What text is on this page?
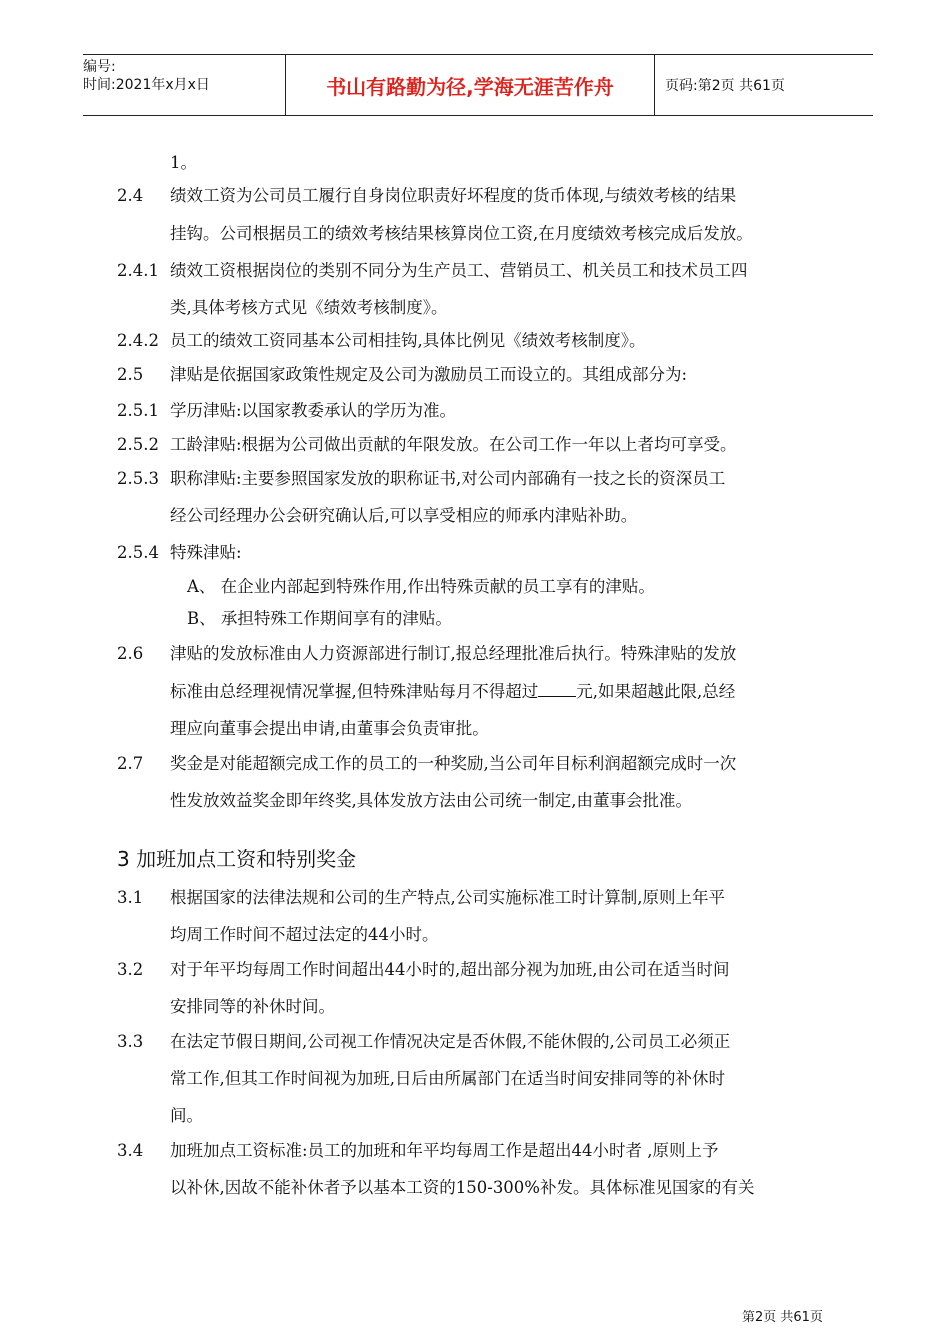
编号:
时间:2021年x月x日	书山有路勤为径,学海无涯苦作舟	页码:第2页 共61页
1。
2.4 绩效工资为公司员工履行自身岗位职责好坏程度的货币体现,与绩效考核的结果
挂钩。公司根据员工的绩效考核结果核算岗位工资,在月度绩效考核完成后发放。
2.4.1 绩效工资根据岗位的类别不同分为生产员工、营销员工、机关员工和技术员工四
类,具体考核方式见《绩效考核制度》。
2.4.2 员工的绩效工资同基本公司相挂钩,具体比例见《绩效考核制度》。
2.5 津贴是依据国家政策性规定及公司为激励员工而设立的。其组成部分为:
2.5.1 学历津贴:以国家教委承认的学历为准。
2.5.2 工龄津贴:根据为公司做出贡献的年限发放。在公司工作一年以上者均可享受。
2.5.3 职称津贴:主要参照国家发放的职称证书,对公司内部确有一技之长的资深员工
经公司经理办公会研究确认后,可以享受相应的师承内津贴补助。
2.5.4 特殊津贴:
A、 在企业内部起到特殊作用,作出特殊贡献的员工享有的津贴。
B、 承担特殊工作期间享有的津贴。
2.6 津贴的发放标准由人力资源部进行制订,报总经理批准后执行。特殊津贴的发放
标准由总经理视情况掌握,但特殊津贴每月不得超过 元,如果超越此限,总经
理应向董事会提出申请,由董事会负责审批。
2.7 奖金是对能超额完成工作的员工的一种奖励,当公司年目标利润超额完成时一次
性发放效益奖金即年终奖,具体发放方法由公司统一制定,由董事会批准。
3 加班加点工资和特别奖金
3.1 根据国家的法律法规和公司的生产特点,公司实施标准工时计算制,原则上年平
均周工作时间不超过法定的44小时。
3.2 对于年平均每周工作时间超出44小时的,超出部分视为加班,由公司在适当时间
安排同等的补休时间。
3.3 在法定节假日期间,公司视工作情况决定是否休假,不能休假的,公司员工必须正
常工作,但其工作时间视为加班,日后由所属部门在适当时间安排同等的补休时
间。
3.4 加班加点工资标准:员工的加班和年平均每周工作是超出44小时者 ,原则上予
以补休,因故不能补休者予以基本工资的150-300%补发。具体标准见国家的有关
第2页 共61页
